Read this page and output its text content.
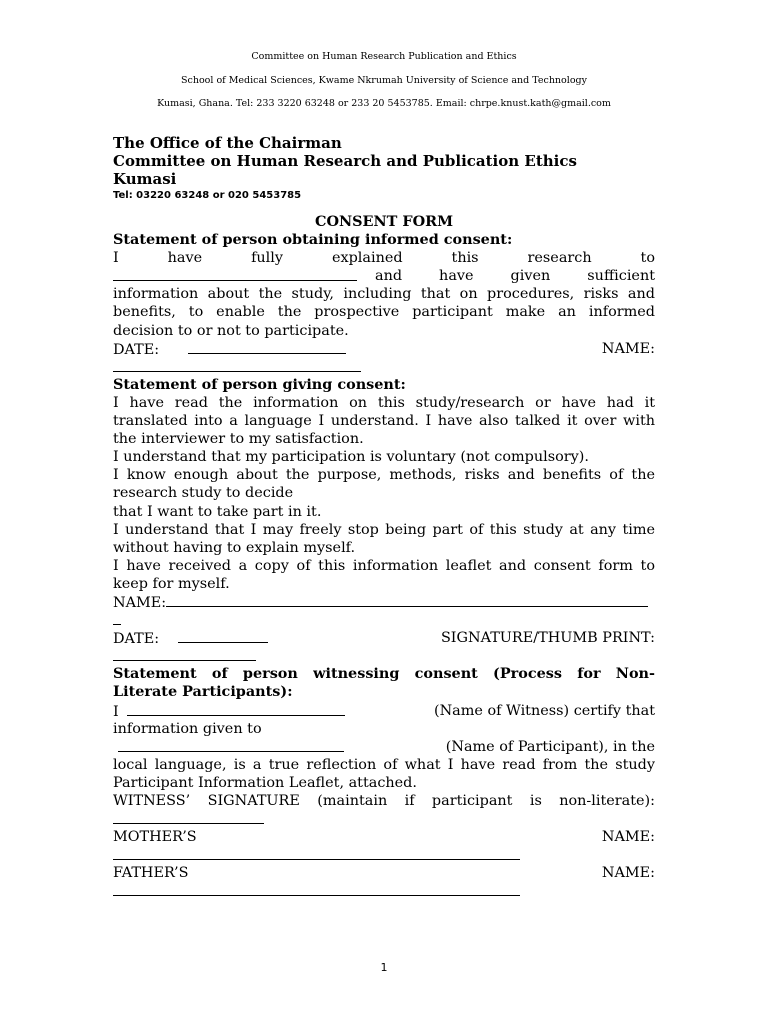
Committee on Human Research Publication and Ethics
School of Medical Sciences, Kwame Nkrumah University of Science and Technology
Kumasi, Ghana. Tel: 233 3220 63248 or 233 20 5453785. Email: chrpe.knust.kath@gmail.com
The Office of the Chairman
Committee on Human Research and Publication Ethics
Kumasi
Tel: 03220 63248 or 020 5453785
CONSENT FORM
Statement of person obtaining informed consent:
I have fully explained this research to
and have given sufficient
information about the study, including that on procedures, risks and
benefits, to enable the prospective participant make an informed
decision to or not to participate.
DATE:	NAME:
Statement of person giving consent:
I have read the information on this study/research or have had it
translated into a language I understand. I have also talked it over with
the interviewer to my satisfaction.
I understand that my participation is voluntary (not compulsory).
I know enough about the purpose, methods, risks and benefits of the
research study to decide
that I want to take part in it.
I understand that I may freely stop being part of this study at any time
without having to explain myself.
I have received a copy of this information leaflet and consent form to
keep for myself.
NAME:
DATE:	SIGNATURE/THUMB PRINT:
Statement of person witnessing consent (Process for Non-
Literate Participants):
I	(Name of Witness) certify that
information given to
(Name of Participant), in the
local language, is a true reflection of what I have read from the study
Participant Information Leaflet, attached.
WITNESS’ SIGNATURE (maintain if participant is non-literate):
MOTHER’S	NAME:
FATHER’S	NAME:
1
